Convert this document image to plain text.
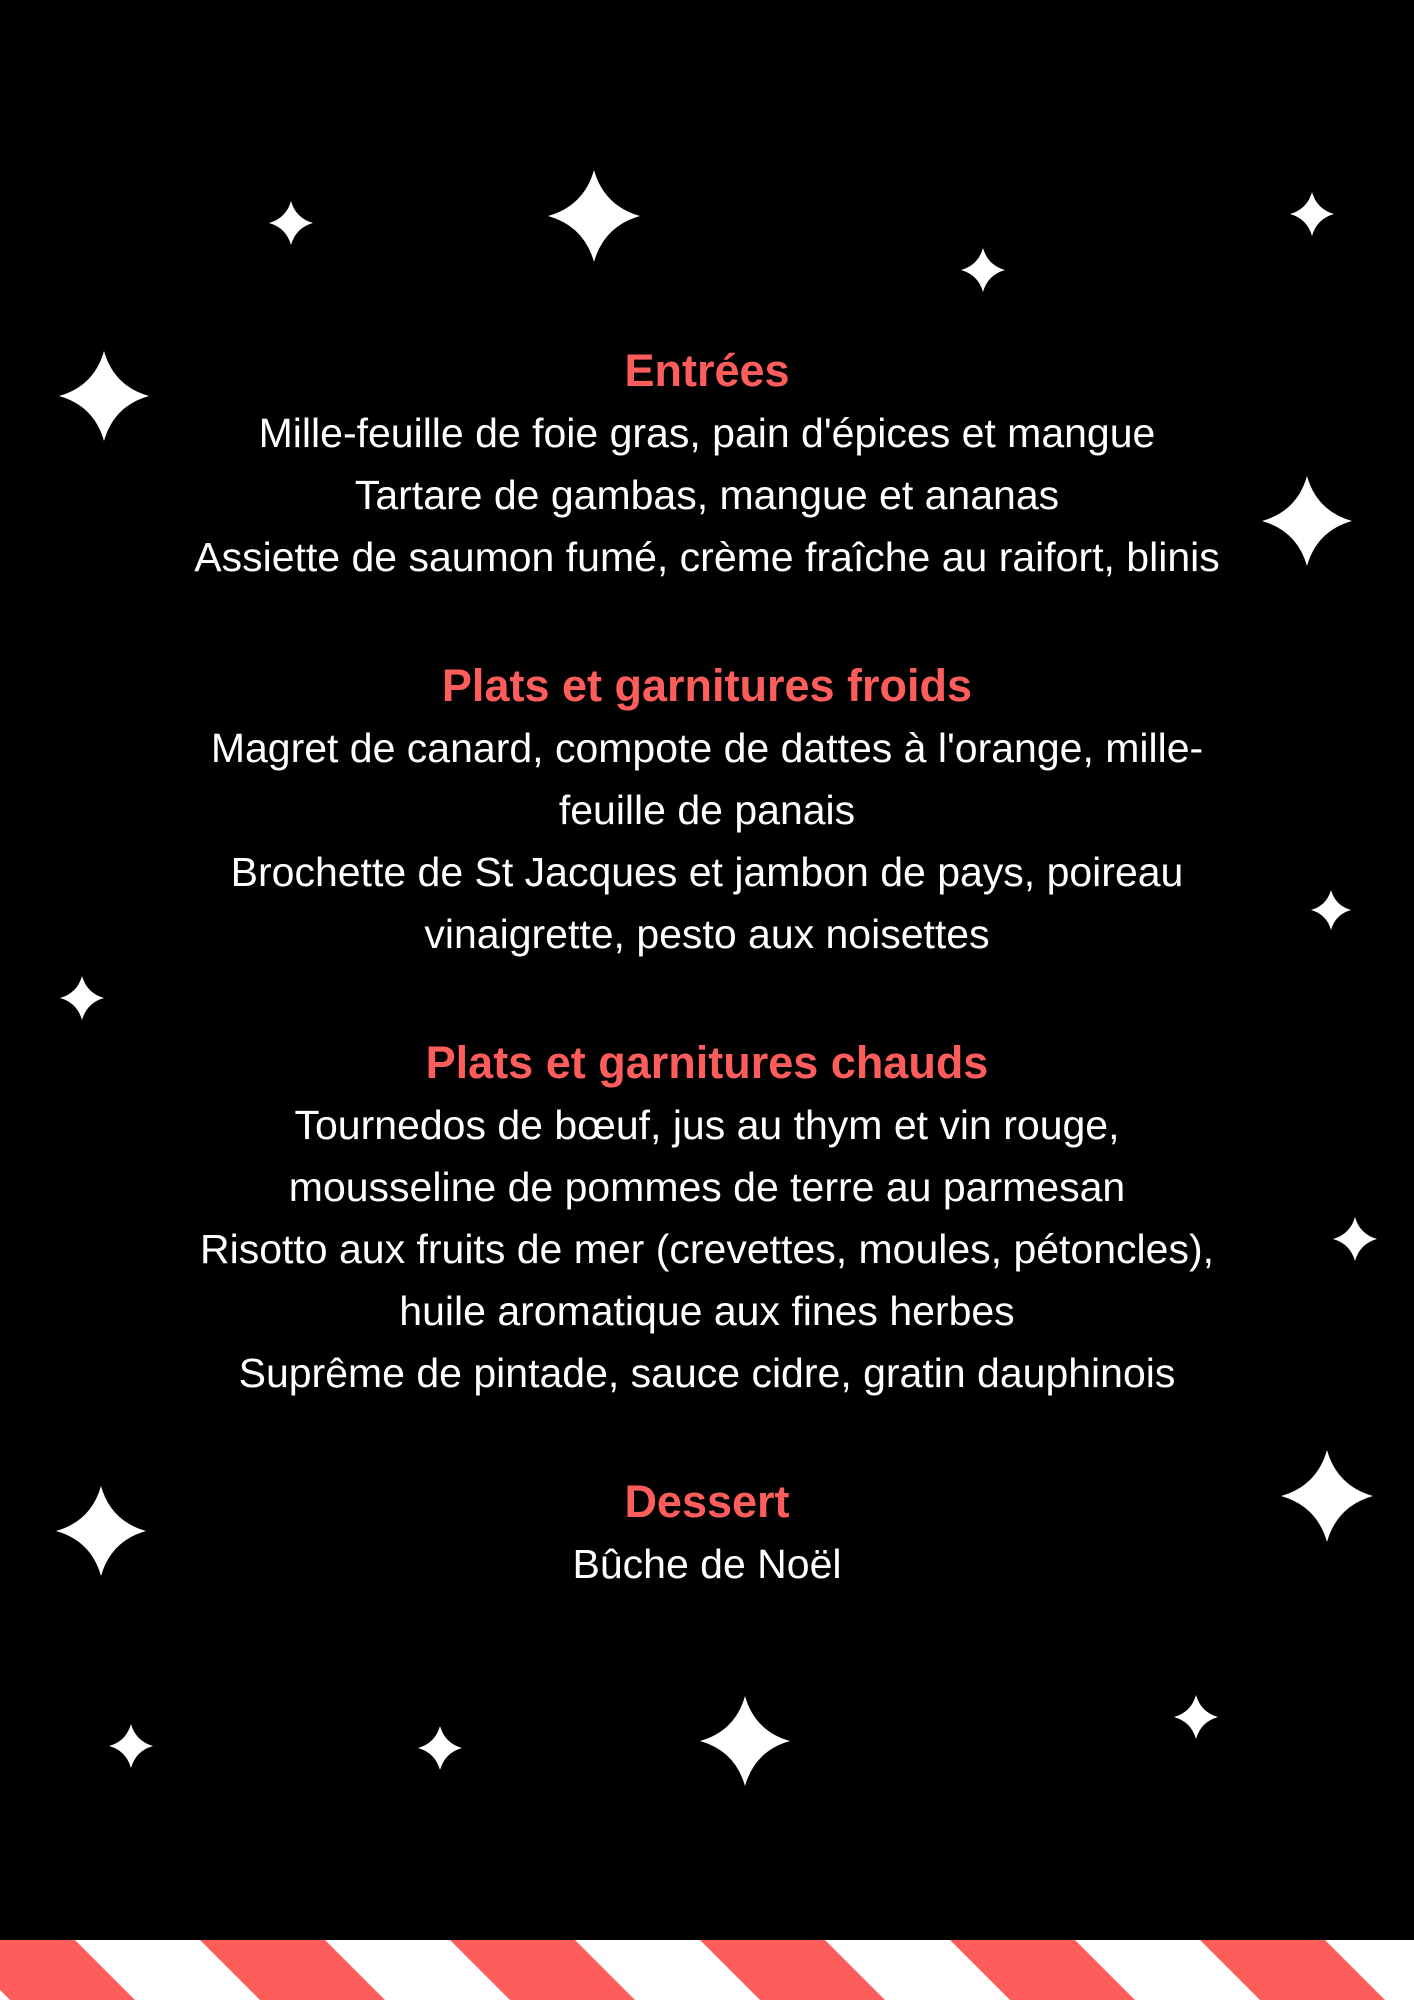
Entrées
Mille-feuille de foie gras, pain d'épices et mangue
Tartare de gambas, mangue et ananas
Assiette de saumon fumé, crème fraîche au raifort, blinis
Plats et garnitures froids
Magret de canard, compote de dattes à l'orange, mille-
feuille de panais
Brochette de St Jacques et jambon de pays, poireau
vinaigrette, pesto aux noisettes
Plats et garnitures chauds
Tournedos de bœuf, jus au thym et vin rouge,
mousseline de pommes de terre au parmesan
Risotto aux fruits de mer (crevettes, moules, pétoncles),
huile aromatique aux fines herbes
Suprême de pintade, sauce cidre, gratin dauphinois
Dessert
Bûche de Noël
